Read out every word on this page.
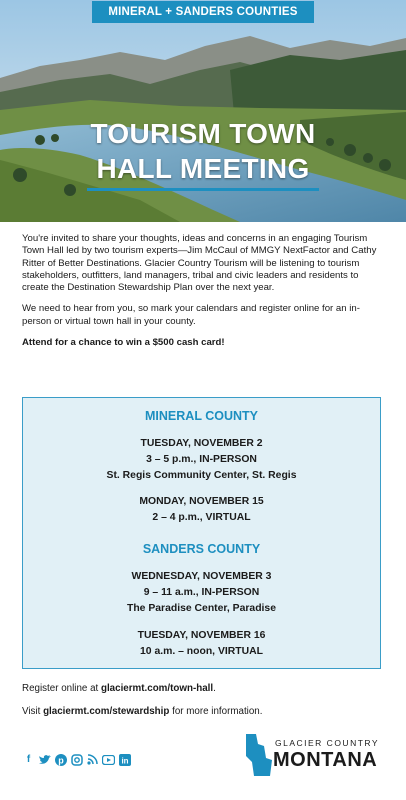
MINERAL + SANDERS COUNTIES
TOURISM TOWN
HALL MEETING

You're invited to share your thoughts, ideas and concerns in an engaging Tourism Town Hall led by two tourism experts—Jim McCaul of MMGY NextFactor and Cathy Ritter of Better Destinations. Glacier Country Tourism will be listening to tourism stakeholders, outfitters, land managers, tribal and civic leaders and residents to create the Destination Stewardship Plan over the next year.

We need to hear from you, so mark your calendars and register online for an in-person or virtual town hall in your county.

Attend for a chance to win a $500 cash card!

MINERAL COUNTY
TUESDAY, NOVEMBER 2
3 – 5 p.m., IN-PERSON
St. Regis Community Center, St. Regis
MONDAY, NOVEMBER 15
2 – 4 p.m., VIRTUAL
SANDERS COUNTY
WEDNESDAY, NOVEMBER 3
9 – 11 a.m., IN-PERSON
The Paradise Center, Paradise
TUESDAY, NOVEMBER 16
10 a.m. – noon, VIRTUAL
Register online at glaciermt.com/town-hall.
Visit glaciermt.com/stewardship for more information.
f	p	in
GLACIER COUNTRY
MONTANA
